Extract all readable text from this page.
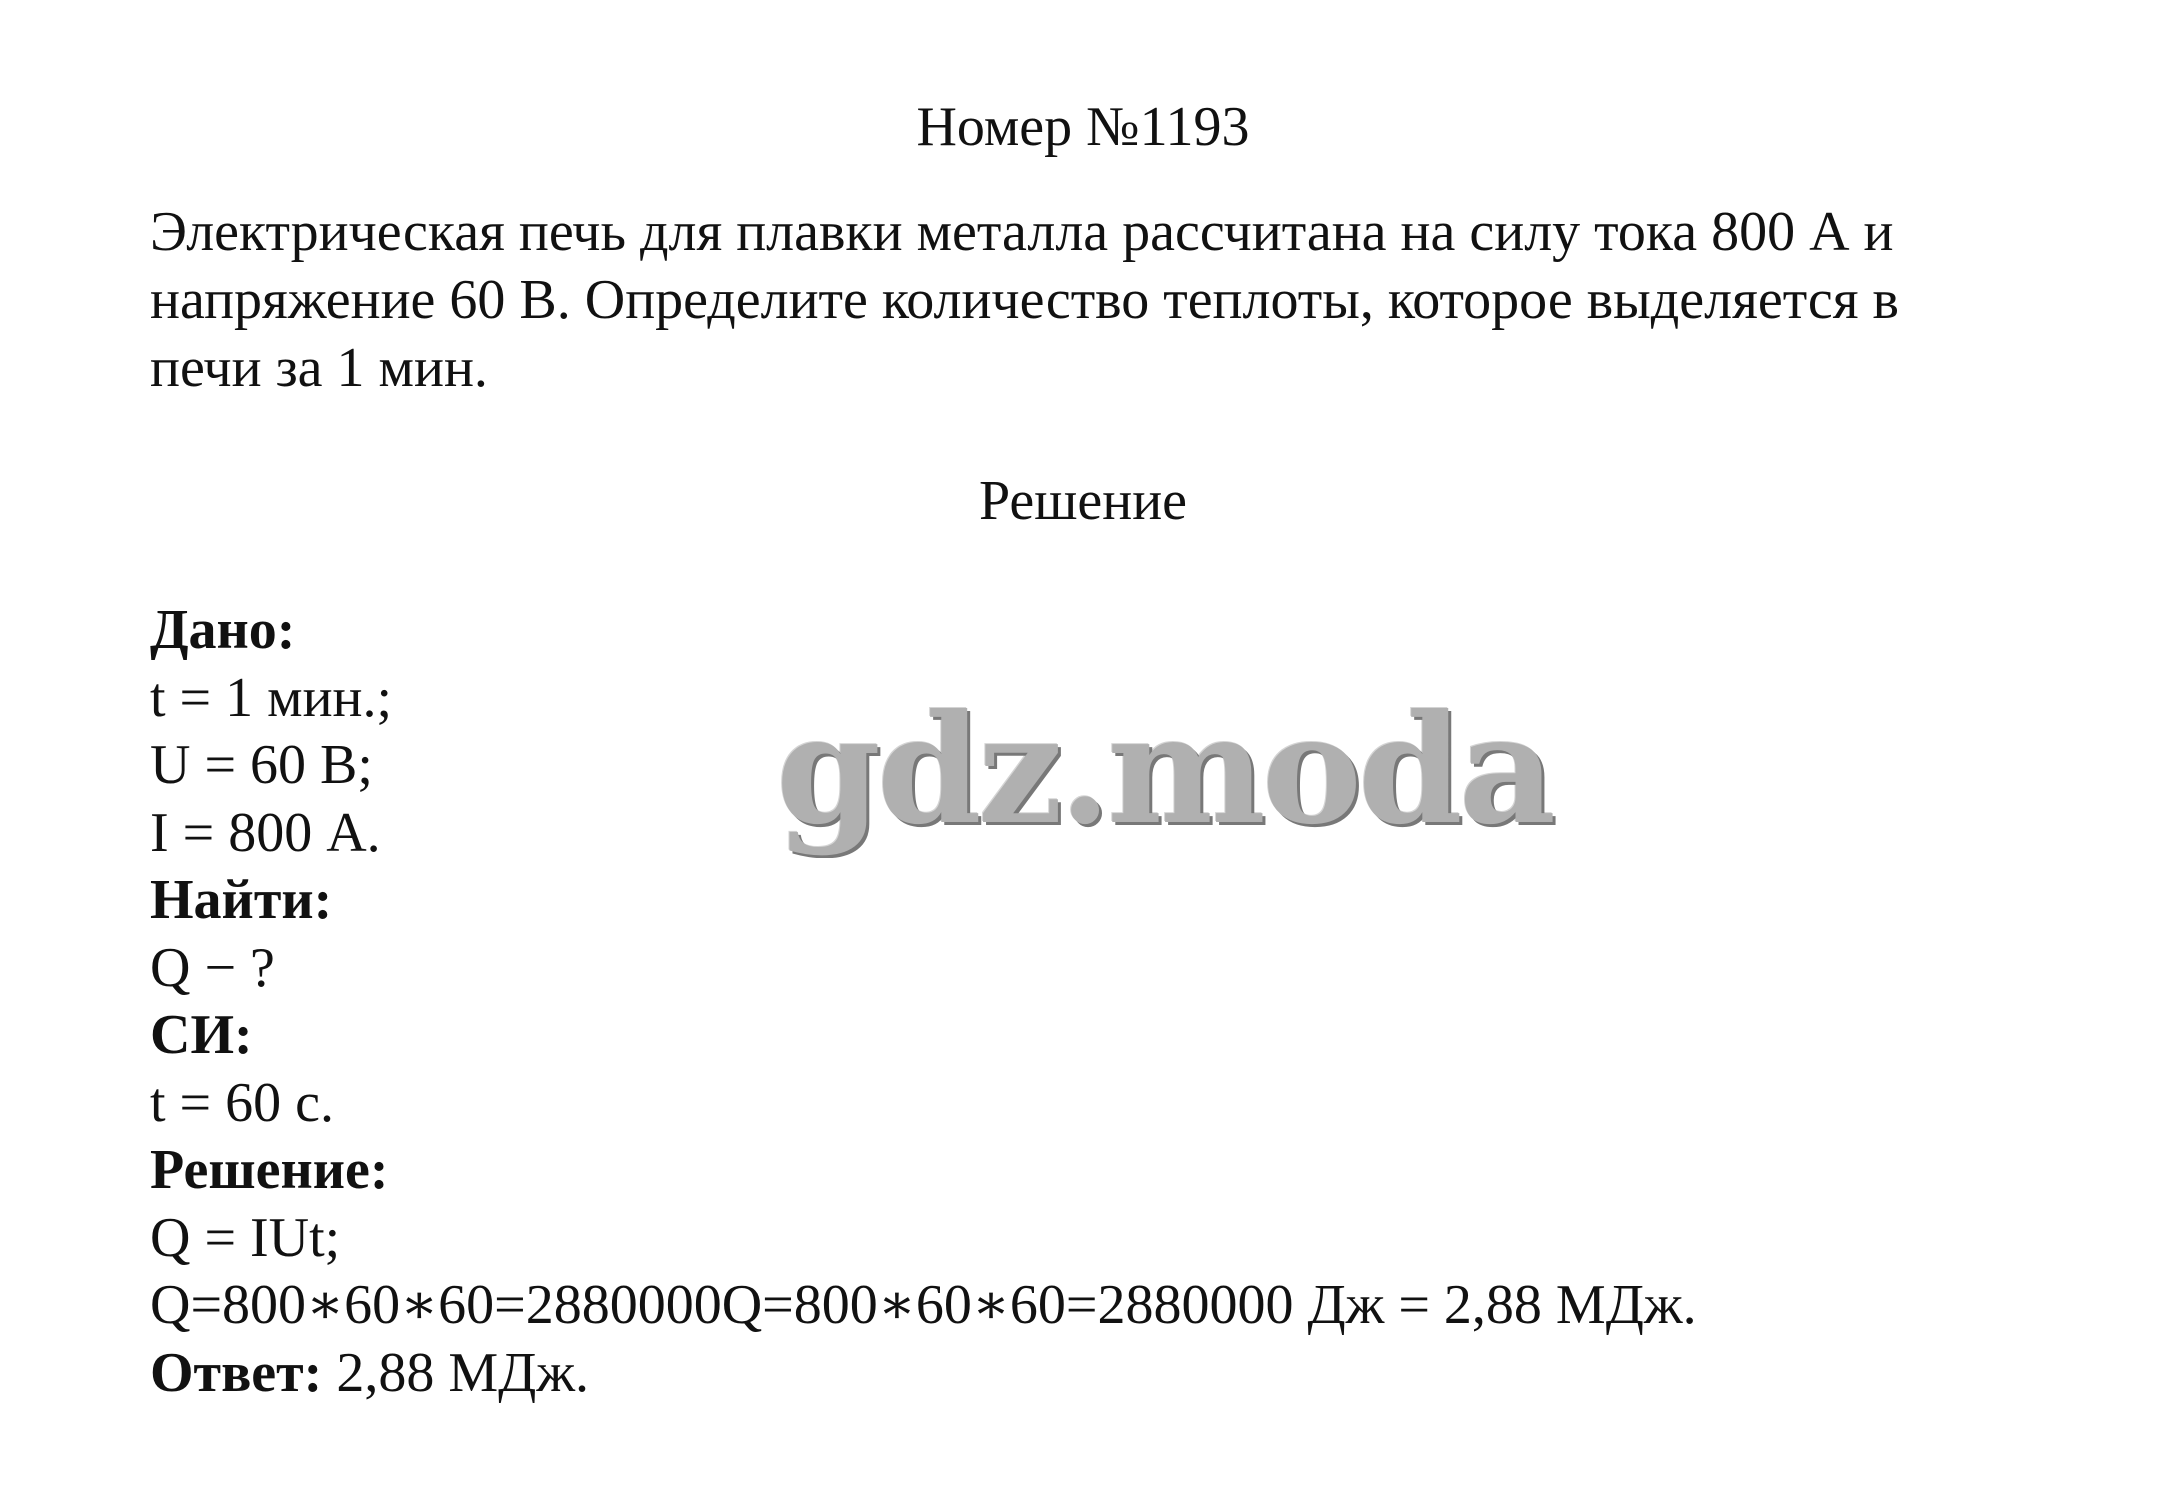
Номер №1193
Электрическая печь для плавки металла рассчитана на силу тока 800 А и
напряжение 60 В. Определите количество теплоты, которое выделяется в
печи за 1 мин.
Решение
Дано:
t = 1 мин.;
U = 60 В;
I = 800 А.
Найти:
Q − ?
СИ:
t = 60 с.
Решение:
Q = IUt;
Q=800∗60∗60=2880000Q=800∗60∗60=2880000 Дж = 2,88 МДж.
Ответ: 2,88 МДж.
gdz.moda
